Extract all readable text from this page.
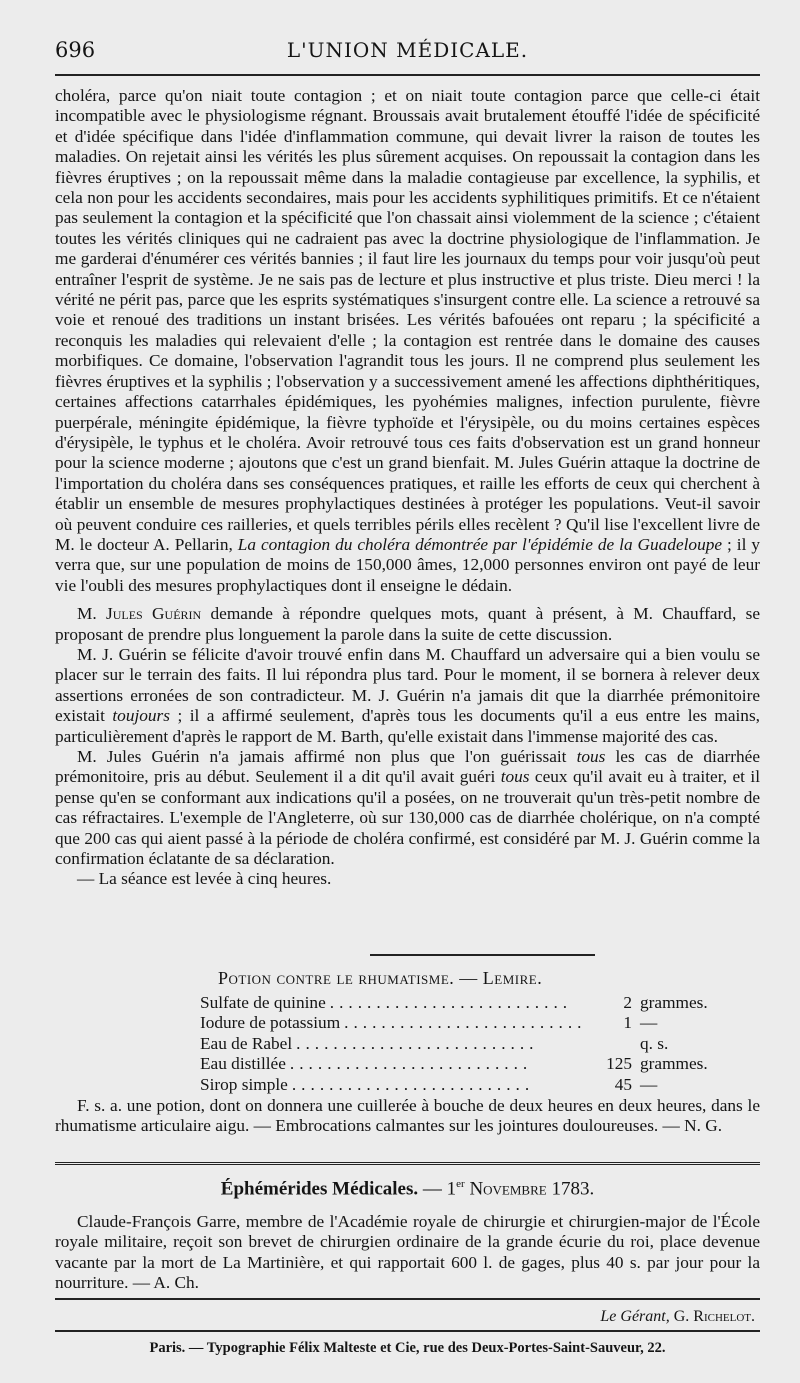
696	L'UNION MÉDICALE.

choléra, parce qu'on niait toute contagion ; et on niait toute contagion parce que celle-ci était incompatible avec le physiologisme régnant. Broussais avait brutalement étouffé l'idée de spécificité et d'idée spécifique dans l'idée d'inflammation commune, qui devait livrer la raison de toutes les maladies. On rejetait ainsi les vérités les plus sûrement acquises. On repoussait la contagion dans les fièvres éruptives ; on la repoussait même dans la maladie contagieuse par excellence, la syphilis, et cela non pour les accidents secondaires, mais pour les accidents syphilitiques primitifs. Et ce n'étaient pas seulement la contagion et la spécificité que l'on chassait ainsi violemment de la science ; c'étaient toutes les vérités cliniques qui ne cadraient pas avec la doctrine physiologique de l'inflammation. Je me garderai d'énumérer ces vérités bannies ; il faut lire les journaux du temps pour voir jusqu'où peut entraîner l'esprit de système. Je ne sais pas de lecture et plus instructive et plus triste. Dieu merci ! la vérité ne périt pas, parce que les esprits systématiques s'insurgent contre elle. La science a retrouvé sa voie et renoué des traditions un instant brisées. Les vérités bafouées ont reparu ; la spécificité a reconquis les maladies qui relevaient d'elle ; la contagion est rentrée dans le domaine des causes morbifiques. Ce domaine, l'observation l'agrandit tous les jours. Il ne comprend plus seulement les fièvres éruptives et la syphilis ; l'observation y a successivement amené les affections diphthéritiques, certaines affections catarrhales épidémiques, les pyohémies malignes, infection purulente, fièvre puerpérale, méningite épidémique, la fièvre typhoïde et l'érysipèle, ou du moins certaines espèces d'érysipèle, le typhus et le choléra. Avoir retrouvé tous ces faits d'observation est un grand honneur pour la science moderne ; ajoutons que c'est un grand bienfait. M. Jules Guérin attaque la doctrine de l'importation du choléra dans ses conséquences pratiques, et raille les efforts de ceux qui cherchent à établir un ensemble de mesures prophylactiques destinées à protéger les populations. Veut-il savoir où peuvent conduire ces railleries, et quels terribles périls elles recèlent ? Qu'il lise l'excellent livre de M. le docteur A. Pellarin, La contagion du choléra démontrée par l'épidémie de la Guadeloupe ; il y verra que, sur une population de moins de 150,000 âmes, 12,000 personnes environ ont payé de leur vie l'oubli des mesures prophylactiques dont il enseigne le dédain.

M. Jules Guérin demande à répondre quelques mots, quant à présent, à M. Chauffard, se proposant de prendre plus longuement la parole dans la suite de cette discussion.

M. J. Guérin se félicite d'avoir trouvé enfin dans M. Chauffard un adversaire qui a bien voulu se placer sur le terrain des faits. Il lui répondra plus tard. Pour le moment, il se bornera à relever deux assertions erronées de son contradicteur. M. J. Guérin n'a jamais dit que la diarrhée prémonitoire existait toujours ; il a affirmé seulement, d'après tous les documents qu'il a eus entre les mains, particulièrement d'après le rapport de M. Barth, qu'elle existait dans l'immense majorité des cas.

M. Jules Guérin n'a jamais affirmé non plus que l'on guérissait tous les cas de diarrhée prémonitoire, pris au début. Seulement il a dit qu'il avait guéri tous ceux qu'il avait eu à traiter, et il pense qu'en se conformant aux indications qu'il a posées, on ne trouverait qu'un très-petit nombre de cas réfractaires. L'exemple de l'Angleterre, où sur 130,000 cas de diarrhée cholérique, on n'a compté que 200 cas qui aient passé à la période de choléra confirmé, est considéré par M. J. Guérin comme la confirmation éclatante de sa déclaration.

— La séance est levée à cinq heures.

Potion contre le rhumatisme. — Lemire.
Sulfate de quinine ..........................	2 grammes.
Iodure de potassium ..........................	1 —
Eau de Rabel ..........................	q. s.
Eau distillée ..........................	125 grammes.
Sirop simple ..........................	45 —
F. s. a. une potion, dont on donnera une cuillerée à bouche de deux heures en deux heures, dans le rhumatisme articulaire aigu. — Embrocations calmantes sur les jointures douloureuses. — N. G.
Éphémérides Médicales. — 1er Novembre 1783.
Claude-François Garre, membre de l'Académie royale de chirurgie et chirurgien-major de l'École royale militaire, reçoit son brevet de chirurgien ordinaire de la grande écurie du roi, place devenue vacante par la mort de La Martinière, et qui rapportait 600 l. de gages, plus 40 s. par jour pour la nourriture. — A. Ch.
Le Gérant, G. Richelot.
Paris. — Typographie Félix Malteste et Cie, rue des Deux-Portes-Saint-Sauveur, 22.
